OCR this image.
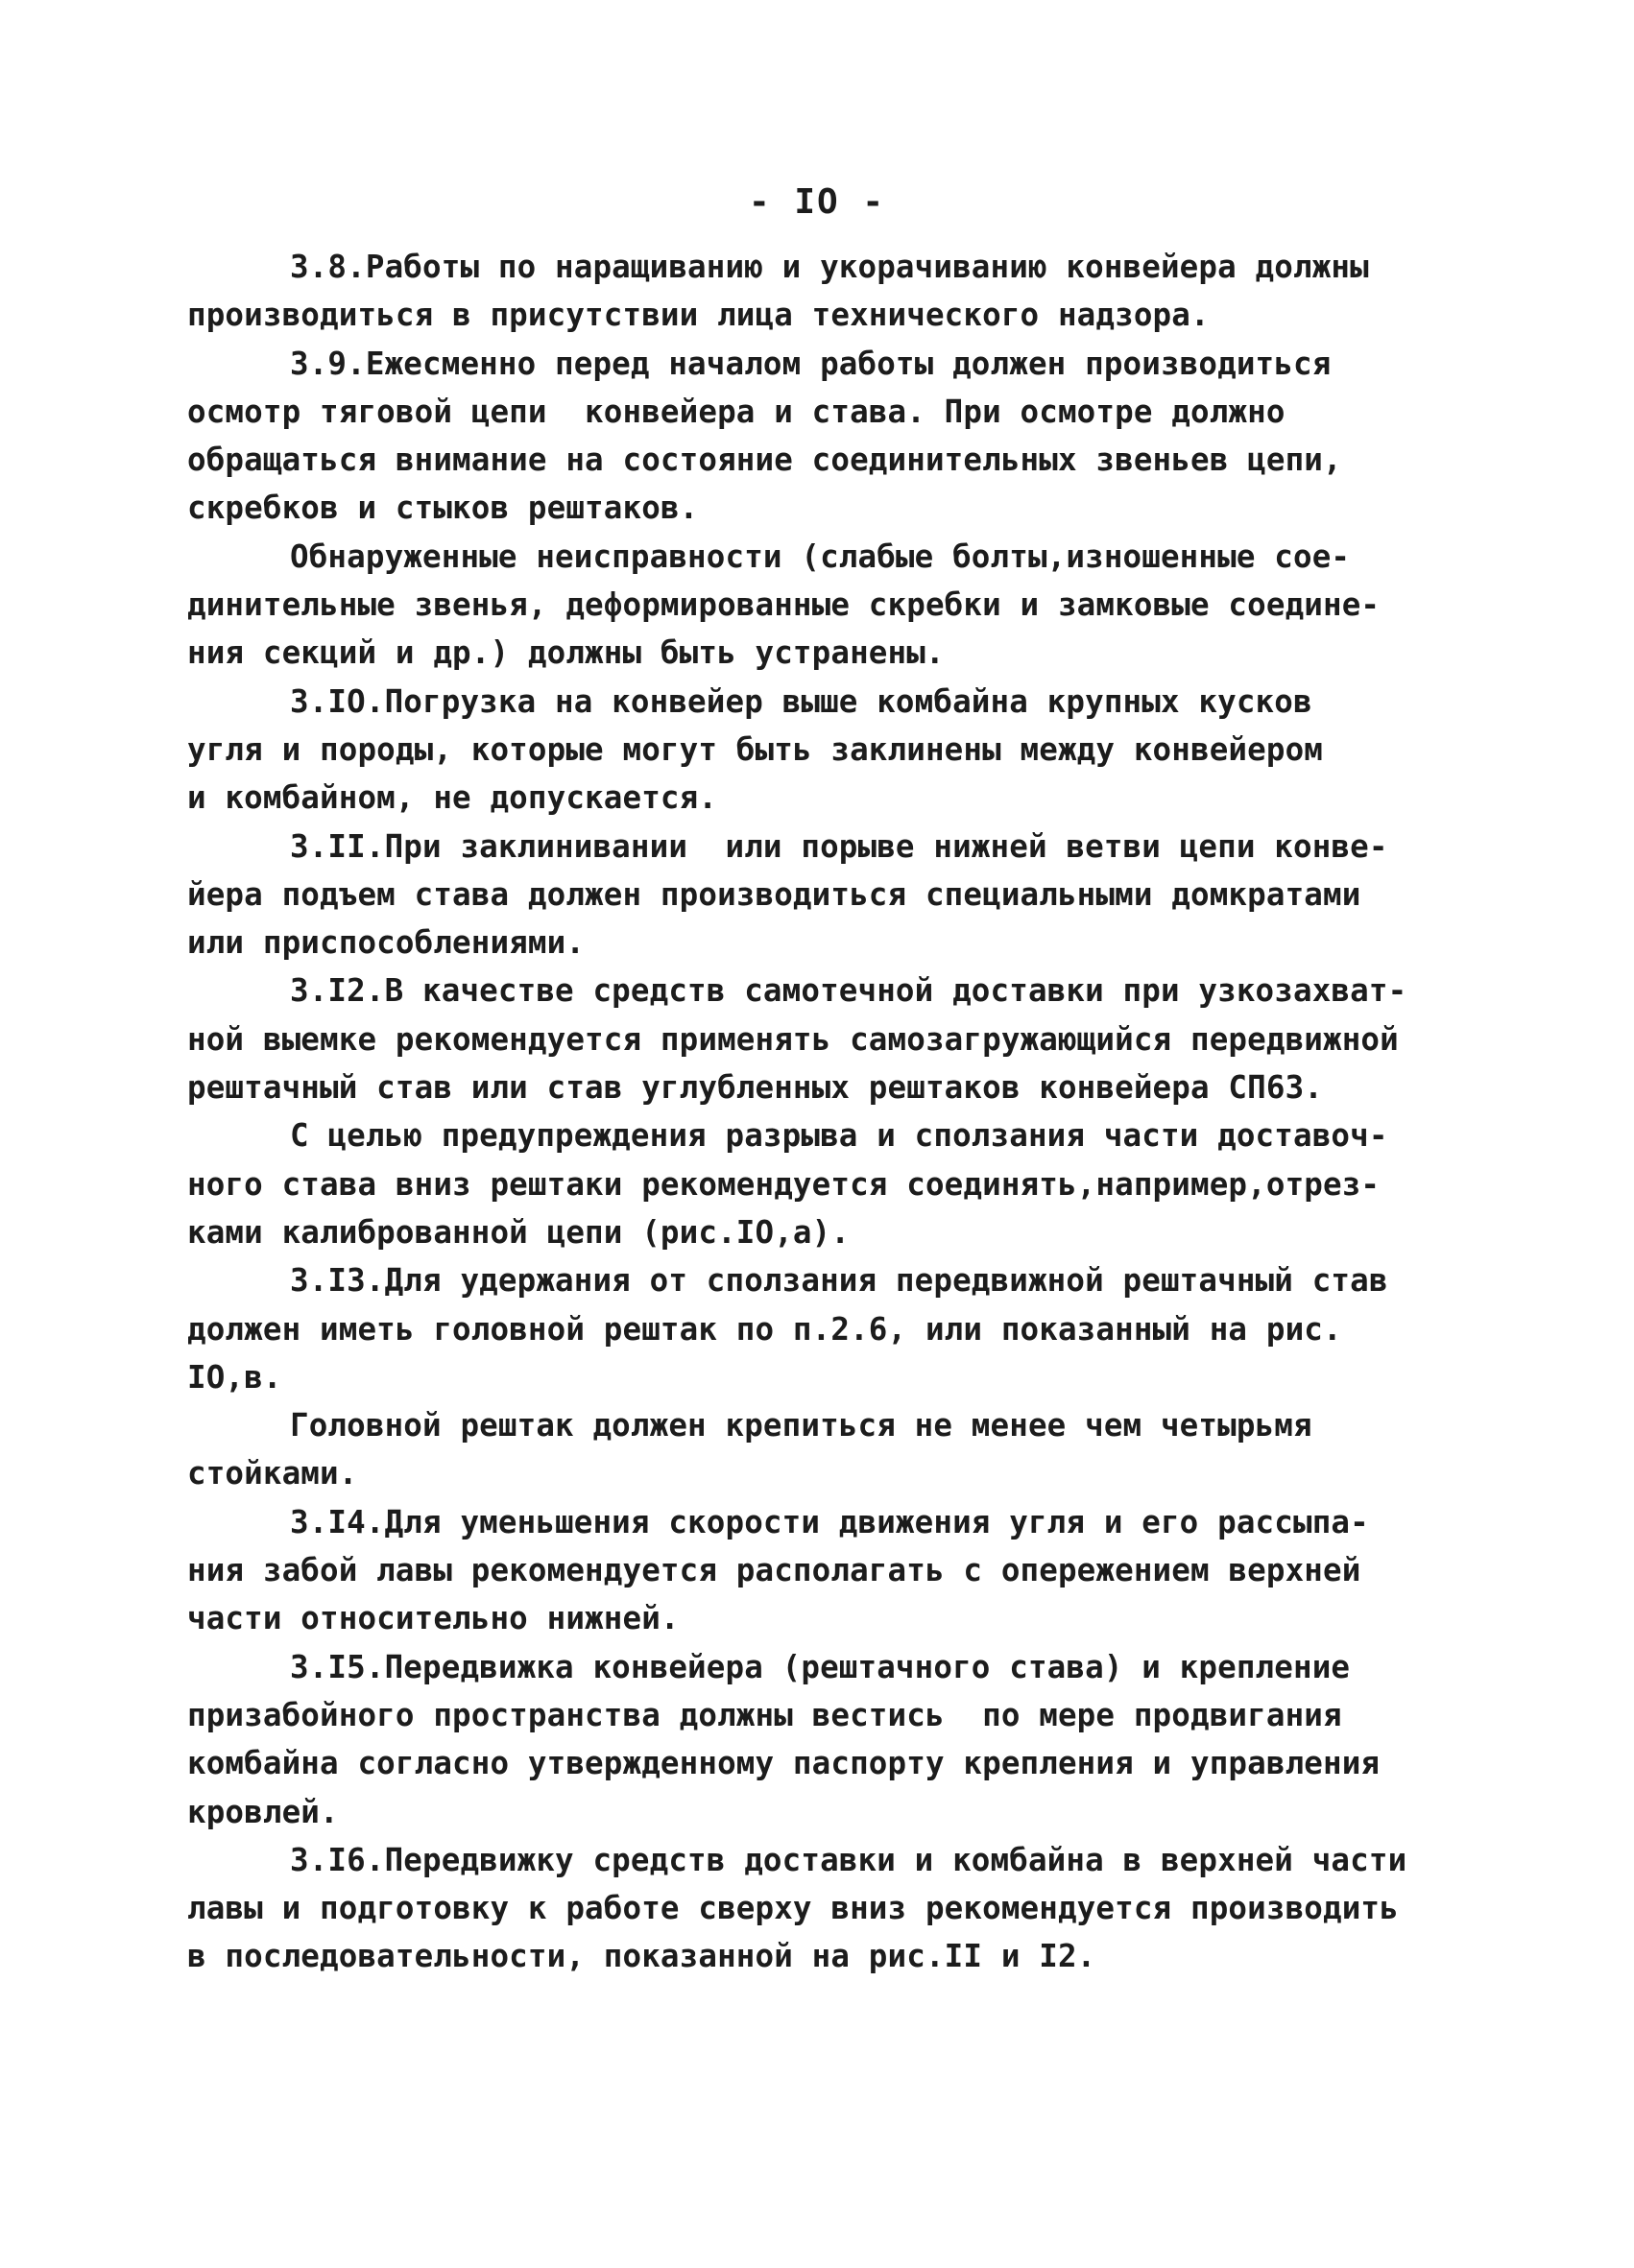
- IO -
3.8.Работы по наращиванию и укорачиванию конвейера должны
производиться в присутствии лица технического надзора.
3.9.Ежесменно перед началом работы должен производиться
осмотр тяговой цепи  конвейера и става. При осмотре должно
обращаться внимание на состояние соединительных звеньев цепи,
скребков и стыков рештаков.
Обнаруженные неисправности (слабые болты,изношенные сое-
динительные звенья, деформированные скребки и замковые соедине-
ния секций и др.) должны быть устранены.
3.IO.Погрузка на конвейер выше комбайна крупных кусков
угля и породы, которые могут быть заклинены между конвейером
и комбайном, не допускается.
3.II.При заклинивании  или порыве нижней ветви цепи конве-
йера подъем става должен производиться специальными домкратами
или приспособлениями.
3.I2.В качестве средств самотечной доставки при узкозахват-
ной выемке рекомендуется применять самозагружающийся передвижной
рештачный став или став углубленных рештаков конвейера СП63.
С целью предупреждения разрыва и сползания части доставоч-
ного става вниз рештаки рекомендуется соединять,например,отрез-
ками калиброванной цепи (рис.IO,а).
3.I3.Для удержания от сползания передвижной рештачный став
должен иметь головной рештак по п.2.6, или показанный на рис.
IO,в.
Головной рештак должен крепиться не менее чем четырьмя
стойками.
3.I4.Для уменьшения скорости движения угля и его рассыпа-
ния забой лавы рекомендуется располагать с опережением верхней
части относительно нижней.
3.I5.Передвижка конвейера (рештачного става) и крепление
призабойного пространства должны вестись  по мере продвигания
комбайна согласно утвержденному паспорту крепления и управления
кровлей.
3.I6.Передвижку средств доставки и комбайна в верхней части
лавы и подготовку к работе сверху вниз рекомендуется производить
в последовательности, показанной на рис.II и I2.
